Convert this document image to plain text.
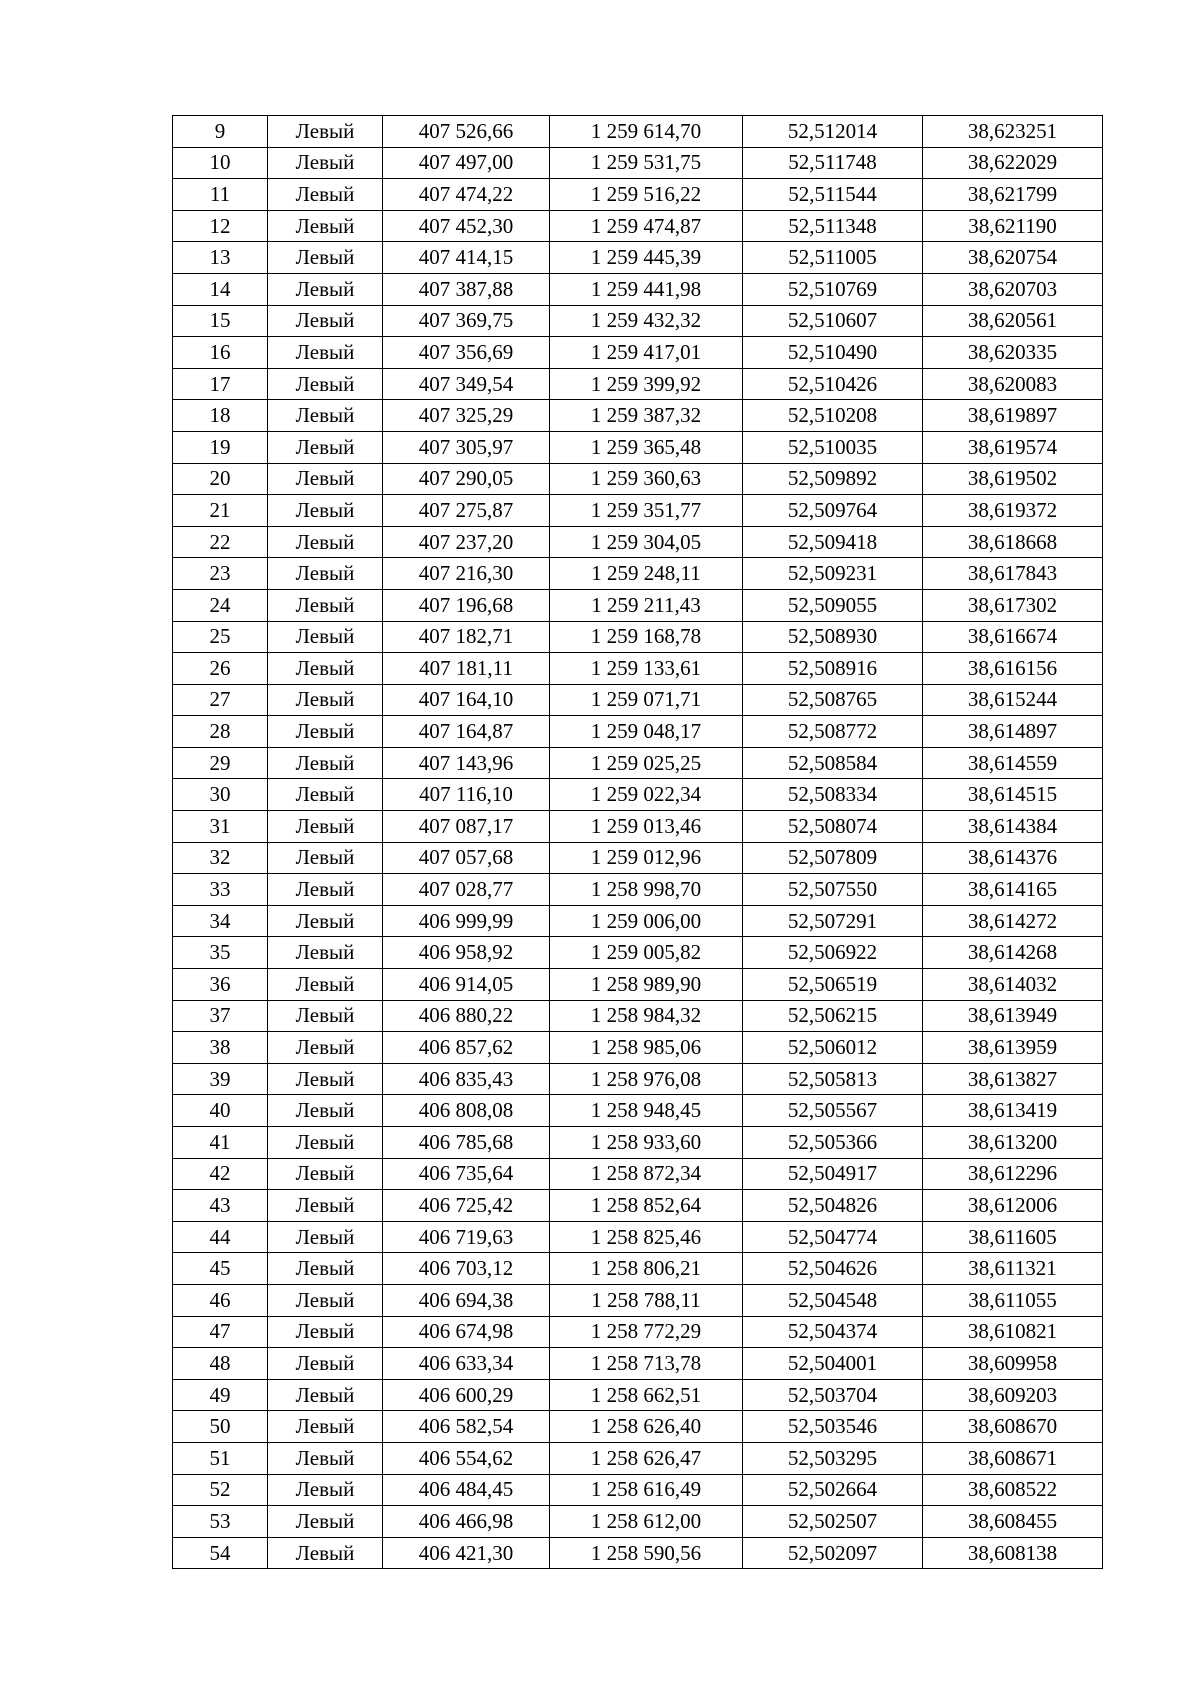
9	Левый	407 526,66	1 259 614,70	52,512014	38,623251
10	Левый	407 497,00	1 259 531,75	52,511748	38,622029
11	Левый	407 474,22	1 259 516,22	52,511544	38,621799
12	Левый	407 452,30	1 259 474,87	52,511348	38,621190
13	Левый	407 414,15	1 259 445,39	52,511005	38,620754
14	Левый	407 387,88	1 259 441,98	52,510769	38,620703
15	Левый	407 369,75	1 259 432,32	52,510607	38,620561
16	Левый	407 356,69	1 259 417,01	52,510490	38,620335
17	Левый	407 349,54	1 259 399,92	52,510426	38,620083
18	Левый	407 325,29	1 259 387,32	52,510208	38,619897
19	Левый	407 305,97	1 259 365,48	52,510035	38,619574
20	Левый	407 290,05	1 259 360,63	52,509892	38,619502
21	Левый	407 275,87	1 259 351,77	52,509764	38,619372
22	Левый	407 237,20	1 259 304,05	52,509418	38,618668
23	Левый	407 216,30	1 259 248,11	52,509231	38,617843
24	Левый	407 196,68	1 259 211,43	52,509055	38,617302
25	Левый	407 182,71	1 259 168,78	52,508930	38,616674
26	Левый	407 181,11	1 259 133,61	52,508916	38,616156
27	Левый	407 164,10	1 259 071,71	52,508765	38,615244
28	Левый	407 164,87	1 259 048,17	52,508772	38,614897
29	Левый	407 143,96	1 259 025,25	52,508584	38,614559
30	Левый	407 116,10	1 259 022,34	52,508334	38,614515
31	Левый	407 087,17	1 259 013,46	52,508074	38,614384
32	Левый	407 057,68	1 259 012,96	52,507809	38,614376
33	Левый	407 028,77	1 258 998,70	52,507550	38,614165
34	Левый	406 999,99	1 259 006,00	52,507291	38,614272
35	Левый	406 958,92	1 259 005,82	52,506922	38,614268
36	Левый	406 914,05	1 258 989,90	52,506519	38,614032
37	Левый	406 880,22	1 258 984,32	52,506215	38,613949
38	Левый	406 857,62	1 258 985,06	52,506012	38,613959
39	Левый	406 835,43	1 258 976,08	52,505813	38,613827
40	Левый	406 808,08	1 258 948,45	52,505567	38,613419
41	Левый	406 785,68	1 258 933,60	52,505366	38,613200
42	Левый	406 735,64	1 258 872,34	52,504917	38,612296
43	Левый	406 725,42	1 258 852,64	52,504826	38,612006
44	Левый	406 719,63	1 258 825,46	52,504774	38,611605
45	Левый	406 703,12	1 258 806,21	52,504626	38,611321
46	Левый	406 694,38	1 258 788,11	52,504548	38,611055
47	Левый	406 674,98	1 258 772,29	52,504374	38,610821
48	Левый	406 633,34	1 258 713,78	52,504001	38,609958
49	Левый	406 600,29	1 258 662,51	52,503704	38,609203
50	Левый	406 582,54	1 258 626,40	52,503546	38,608670
51	Левый	406 554,62	1 258 626,47	52,503295	38,608671
52	Левый	406 484,45	1 258 616,49	52,502664	38,608522
53	Левый	406 466,98	1 258 612,00	52,502507	38,608455
54	Левый	406 421,30	1 258 590,56	52,502097	38,608138
